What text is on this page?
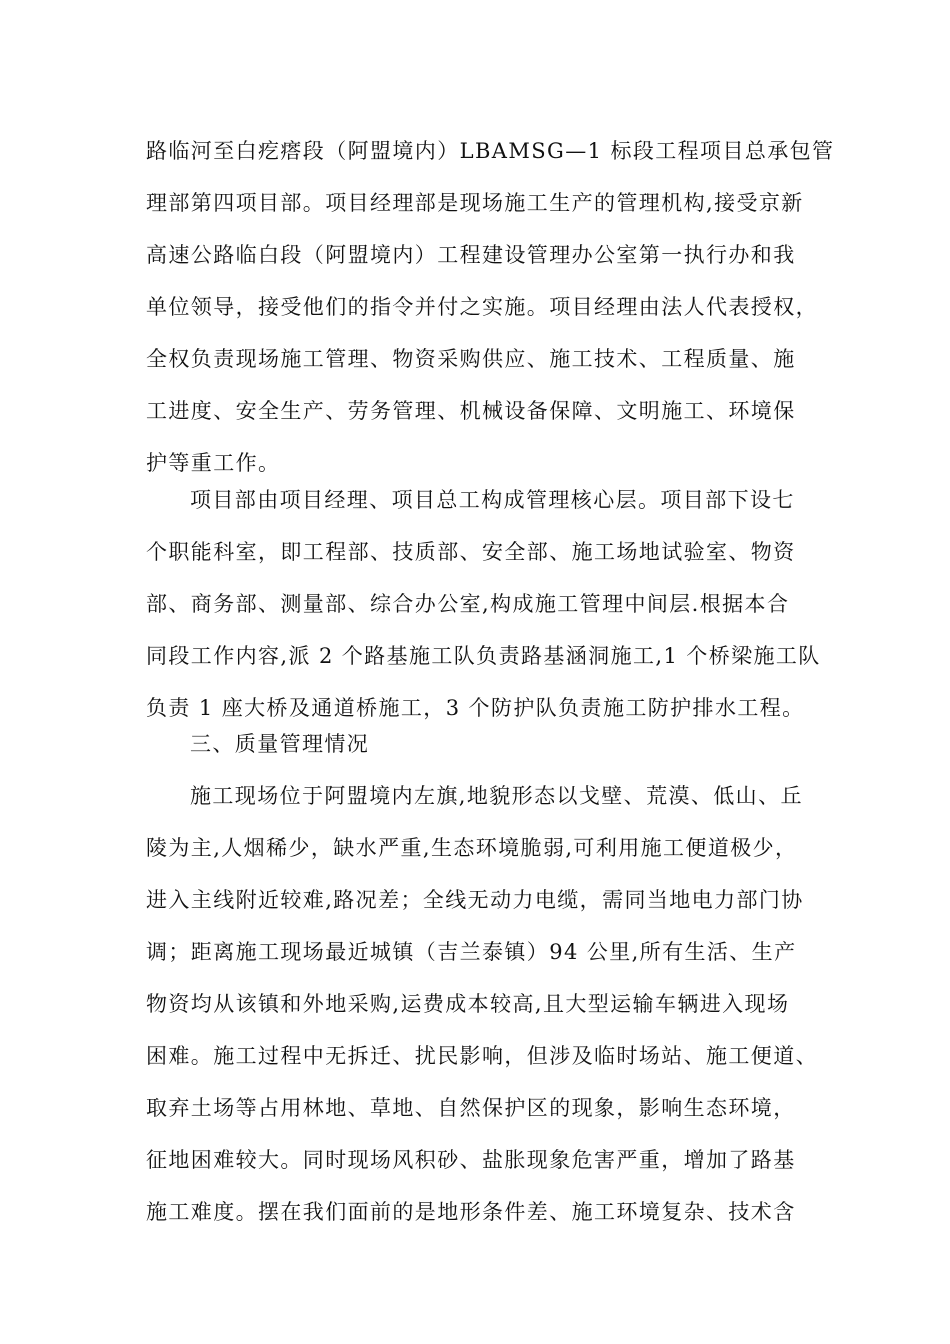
路临河至白疙瘩段（阿盟境内）LBAMSG—1 标段工程项目总承包管
理部第四项目部。项目经理部是现场施工生产的管理机构,接受京新
高速公路临白段（阿盟境内）工程建设管理办公室第一执行办和我
单位领导，接受他们的指令并付之实施。项目经理由法人代表授权，
全权负责现场施工管理、物资采购供应、施工技术、工程质量、施
工进度、安全生产、劳务管理、机械设备保障、文明施工、环境保
护等重工作。
项目部由项目经理、项目总工构成管理核心层。项目部下设七
个职能科室，即工程部、技质部、安全部、施工场地试验室、物资
部、商务部、测量部、综合办公室,构成施工管理中间层.根据本合
同段工作内容,派 2 个路基施工队负责路基涵洞施工,1 个桥梁施工队
负责 1 座大桥及通道桥施工，3 个防护队负责施工防护排水工程。
三、质量管理情况
施工现场位于阿盟境内左旗,地貌形态以戈壁、荒漠、低山、丘
陵为主,人烟稀少，缺水严重,生态环境脆弱,可利用施工便道极少，
进入主线附近较难,路况差；全线无动力电缆，需同当地电力部门协
调；距离施工现场最近城镇（吉兰泰镇）94 公里,所有生活、生产
物资均从该镇和外地采购,运费成本较高,且大型运输车辆进入现场
困难。施工过程中无拆迁、扰民影响，但涉及临时场站、施工便道、
取弃土场等占用林地、草地、自然保护区的现象，影响生态环境，
征地困难较大。同时现场风积砂、盐胀现象危害严重，增加了路基
施工难度。摆在我们面前的是地形条件差、施工环境复杂、技术含
